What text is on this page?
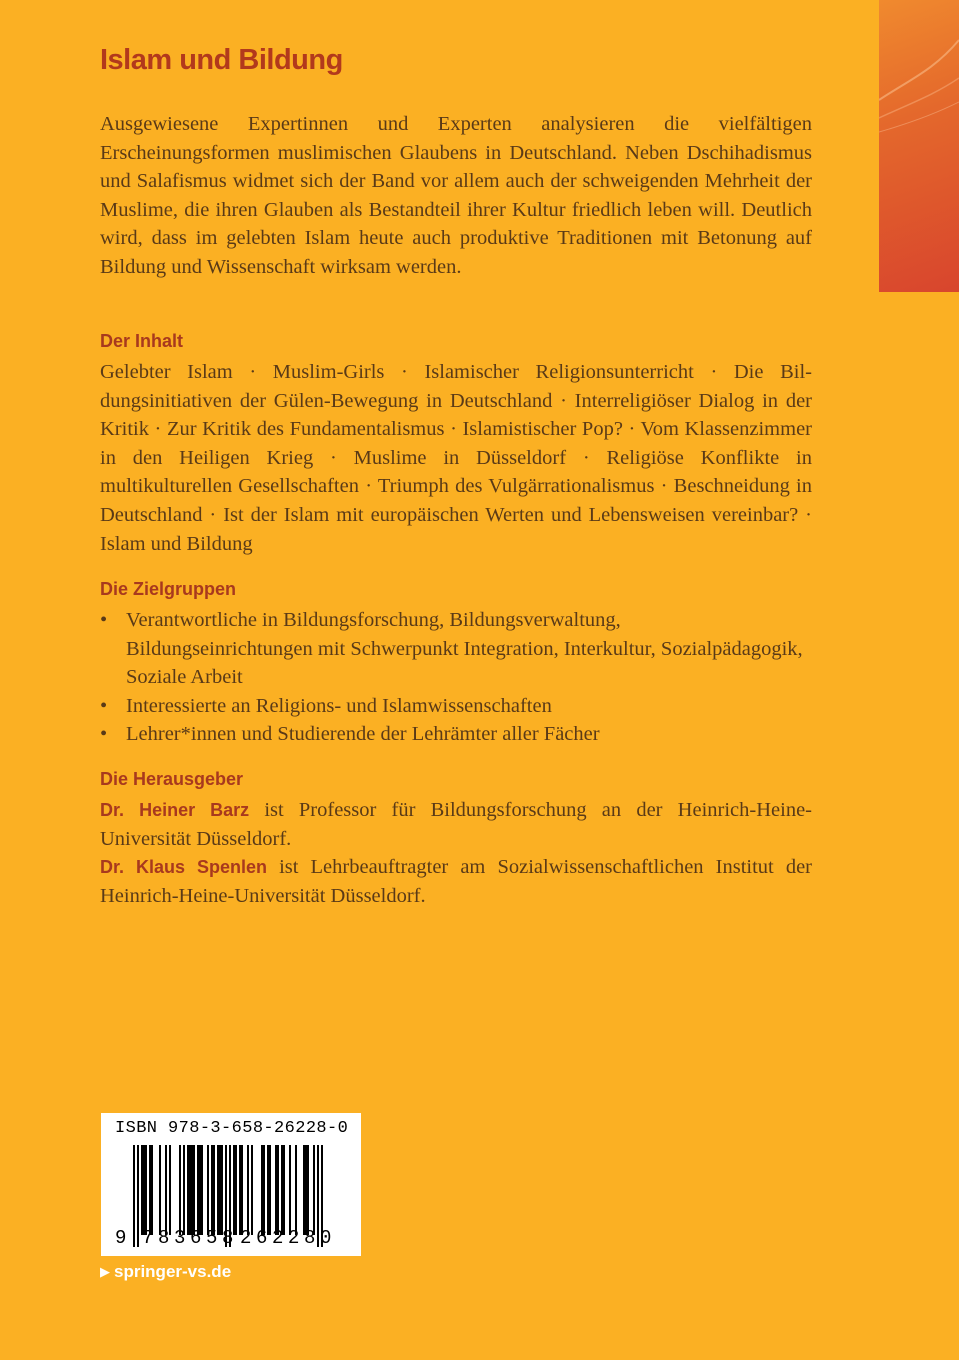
Islam und Bildung

Ausgewiesene Expertinnen und Experten analysieren die vielfältigen Erscheinungsformen muslimischen Glaubens in Deutschland. Neben Dschihadismus und Salafismus widmet sich der Band vor allem auch der schweigenden Mehrheit der Muslime, die ihren Glauben als Bestandteil ihrer Kultur friedlich leben will. Deutlich wird, dass im gelebten Islam heute auch produktive Traditionen mit Betonung auf Bildung und Wissenschaft wirksam werden.

Der Inhalt

Gelebter Islam · Muslim-Girls · Islamischer Religionsunterricht · Die Bildungsinitiativen der Gülen-Bewegung in Deutschland · Interreligiöser Dialog in der Kritik · Zur Kritik des Fundamentalismus · Islamistischer Pop? · Vom Klassenzimmer in den Heiligen Krieg · Muslime in Düsseldorf · Religiöse Konflikte in multikulturellen Gesellschaften · Triumph des Vulgärrationalismus · Beschneidung in Deutschland · Ist der Islam mit europäischen Werten und Lebensweisen vereinbar? · Islam und Bildung

Die Zielgruppen
• Verantwortliche in Bildungsforschung, Bildungsverwaltung, Bildungseinrichtungen mit Schwerpunkt Integration, Interkultur, Sozialpädagogik, Soziale Arbeit
• Interessierte an Religions- und Islamwissenschaften
• Lehrer*innen und Studierende der Lehrämter aller Fächer
Die Herausgeber
Dr. Heiner Barz ist Professor für Bildungsforschung an der Heinrich-Heine-Universität Düsseldorf.
Dr. Klaus Spenlen ist Lehrbeauftragter am Sozialwissenschaftlichen Institut der Heinrich-Heine-Universität Düsseldorf.
ISBN 978-3-658-26228-0
9 7 8 3 6 5 8 2 6 2 2 8 0
▶ springer-vs.de
